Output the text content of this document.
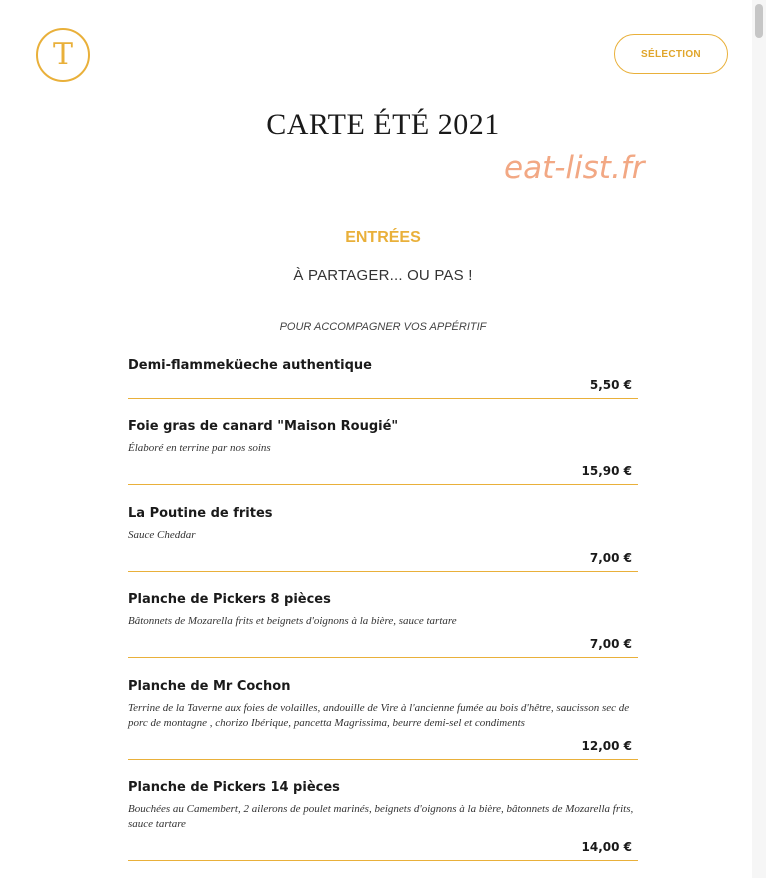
T	SÉLECTION
CARTE ÉTÉ 2021
eat-list.fr
ENTRÉES
À PARTAGER... OU PAS !
POUR ACCOMPAGNER VOS APPÉRITIF
Demi-flammeküeche authentique
5,50 €
Foie gras de canard "Maison Rougié"
Élaboré en terrine par nos soins
15,90 €
La Poutine de frites
Sauce Cheddar
7,00 €
Planche de Pickers 8 pièces
Bâtonnets de Mozarella frits et beignets d'oignons à la bière, sauce tartare
7,00 €
Planche de Mr Cochon
Terrine de la Taverne aux foies de volailles, andouille de Vire à l'ancienne fumée au bois d'hêtre, saucisson sec de porc de montagne , chorizo Ibérique, pancetta Magrissima, beurre demi-sel et condiments
12,00 €
Planche de Pickers 14 pièces
Bouchées au Camembert, 2 ailerons de poulet marinés, beignets d'oignons à la bière, bâtonnets de Mozarella frits, sauce tartare
14,00 €
